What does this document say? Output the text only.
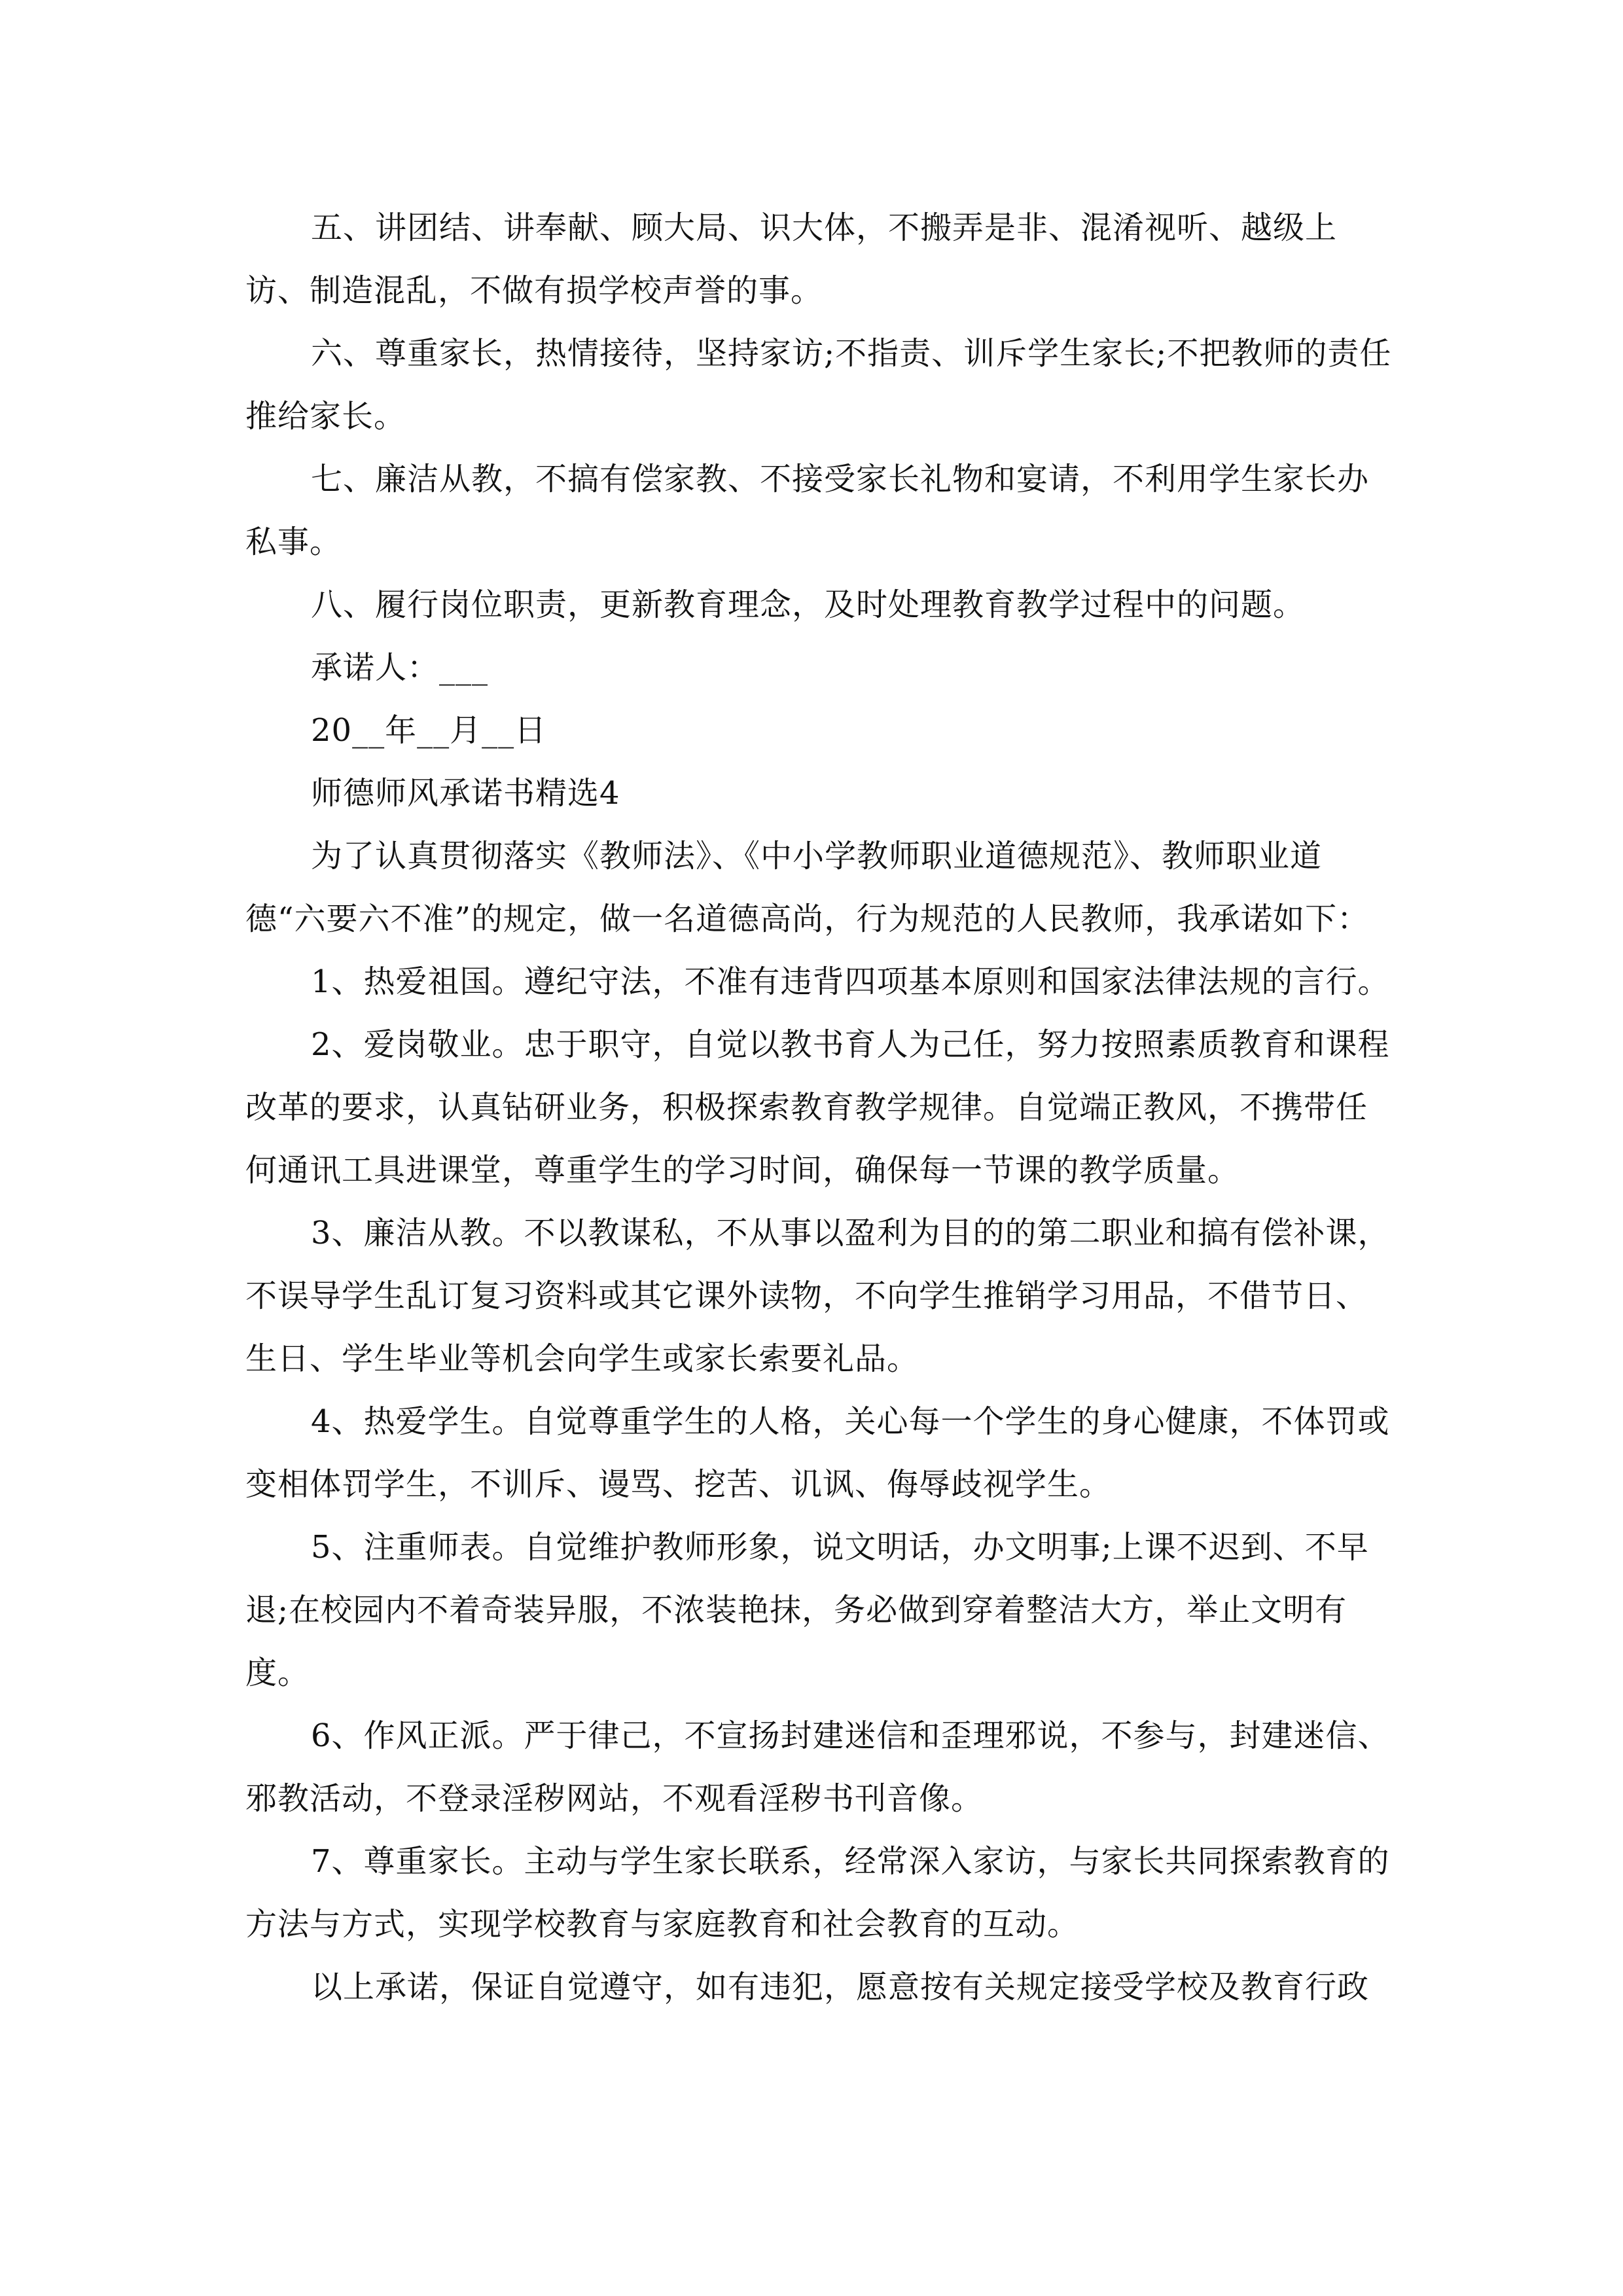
五、讲团结、讲奉献、顾大局、识大体，不搬弄是非、混淆视听、越级上访、制造混乱，不做有损学校声誉的事。

六、尊重家长，热情接待，坚持家访;不指责、训斥学生家长;不把教师的责任推给家长。

七、廉洁从教，不搞有偿家教、不接受家长礼物和宴请，不利用学生家长办私事。

八、履行岗位职责，更新教育理念，及时处理教育教学过程中的问题。

承诺人：___

20__年__月__日

师德师风承诺书精选4

为了认真贯彻落实《教师法》、《中小学教师职业道德规范》、教师职业道德“六要六不准”的规定，做一名道德高尚，行为规范的人民教师，我承诺如下：

1、热爱祖国。遵纪守法，不准有违背四项基本原则和国家法律法规的言行。

2、爱岗敬业。忠于职守，自觉以教书育人为己任，努力按照素质教育和课程改革的要求，认真钻研业务，积极探索教育教学规律。自觉端正教风，不携带任何通讯工具进课堂，尊重学生的学习时间，确保每一节课的教学质量。

3、廉洁从教。不以教谋私，不从事以盈利为目的的第二职业和搞有偿补课，不误导学生乱订复习资料或其它课外读物，不向学生推销学习用品，不借节日、生日、学生毕业等机会向学生或家长索要礼品。

4、热爱学生。自觉尊重学生的人格，关心每一个学生的身心健康，不体罚或变相体罚学生，不训斥、谩骂、挖苦、讥讽、侮辱歧视学生。

5、注重师表。自觉维护教师形象，说文明话，办文明事;上课不迟到、不早退;在校园内不着奇装异服，不浓装艳抹，务必做到穿着整洁大方，举止文明有度。

6、作风正派。严于律己，不宣扬封建迷信和歪理邪说，不参与，封建迷信、邪教活动，不登录淫秽网站，不观看淫秽书刊音像。

7、尊重家长。主动与学生家长联系，经常深入家访，与家长共同探索教育的方法与方式，实现学校教育与家庭教育和社会教育的互动。

以上承诺，保证自觉遵守，如有违犯，愿意按有关规定接受学校及教育行政
